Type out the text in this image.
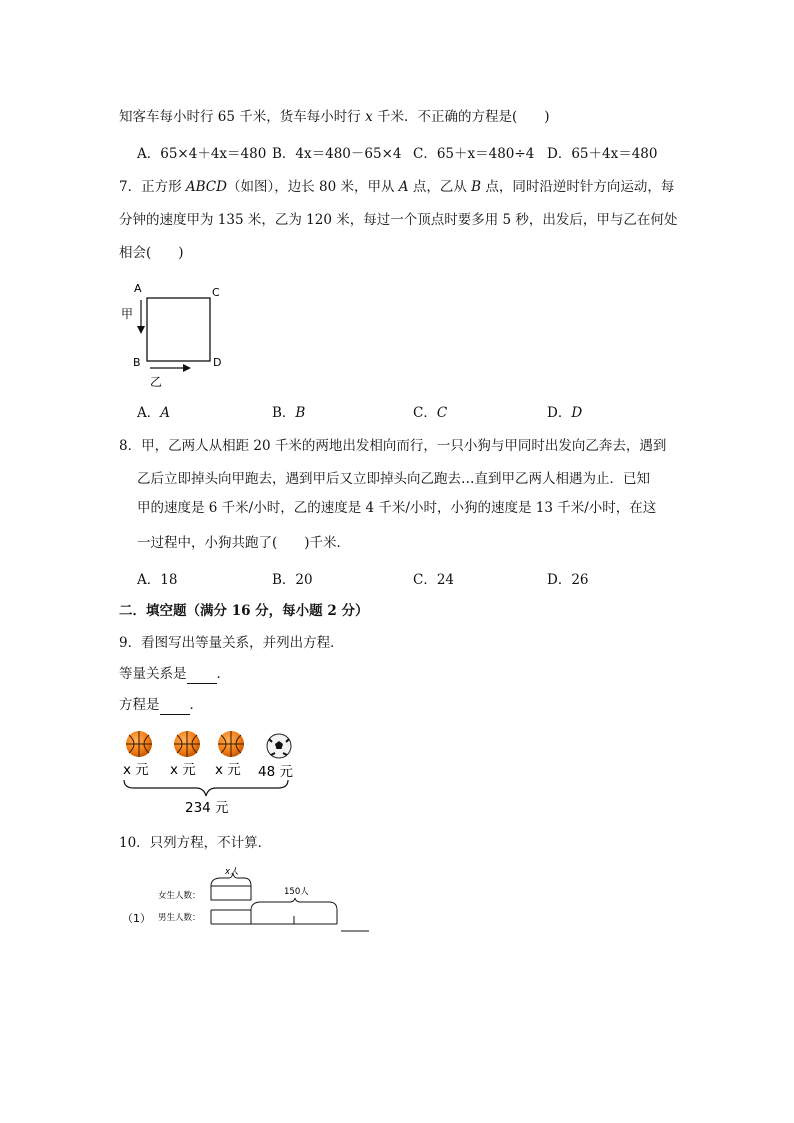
知客车每小时行 65 千米，货车每小时行 x 千米．不正确的方程是(　　)
A．65×4＋4x＝480 B．4x＝480－65×4 C．65＋x＝480÷4 D．65＋4x＝480
7．正方形 ABCD（如图），边长 80 米，甲从 A 点，乙从 B 点，同时沿逆时针方向运动，每
分钟的速度甲为 135 米，乙为 120 米，每过一个顶点时要多用 5 秒，出发后，甲与乙在何处
相会(　　)
A	C
B	D
甲
乙
A．A	B．B	C．C	D．D
8．甲，乙两人从相距 20 千米的两地出发相向而行，一只小狗与甲同时出发向乙奔去，遇到
乙后立即掉头向甲跑去，遇到甲后又立即掉头向乙跑去…直到甲乙两人相遇为止．已知
甲的速度是 6 千米/小时，乙的速度是 4 千米/小时，小狗的速度是 13 千米/小时，在这
一过程中，小狗共跑了(　　)千米．
A．18	B．20	C．24	D．26
二．填空题（满分 16 分，每小题 2 分）
9．看图写出等量关系，并列出方程．
等量关系是 ．
方程是 ．
x 元 x 元 x 元 48 元
234 元
10．只列方程，不计算．
x人
女生人数：	150人
（1） 男生人数：
